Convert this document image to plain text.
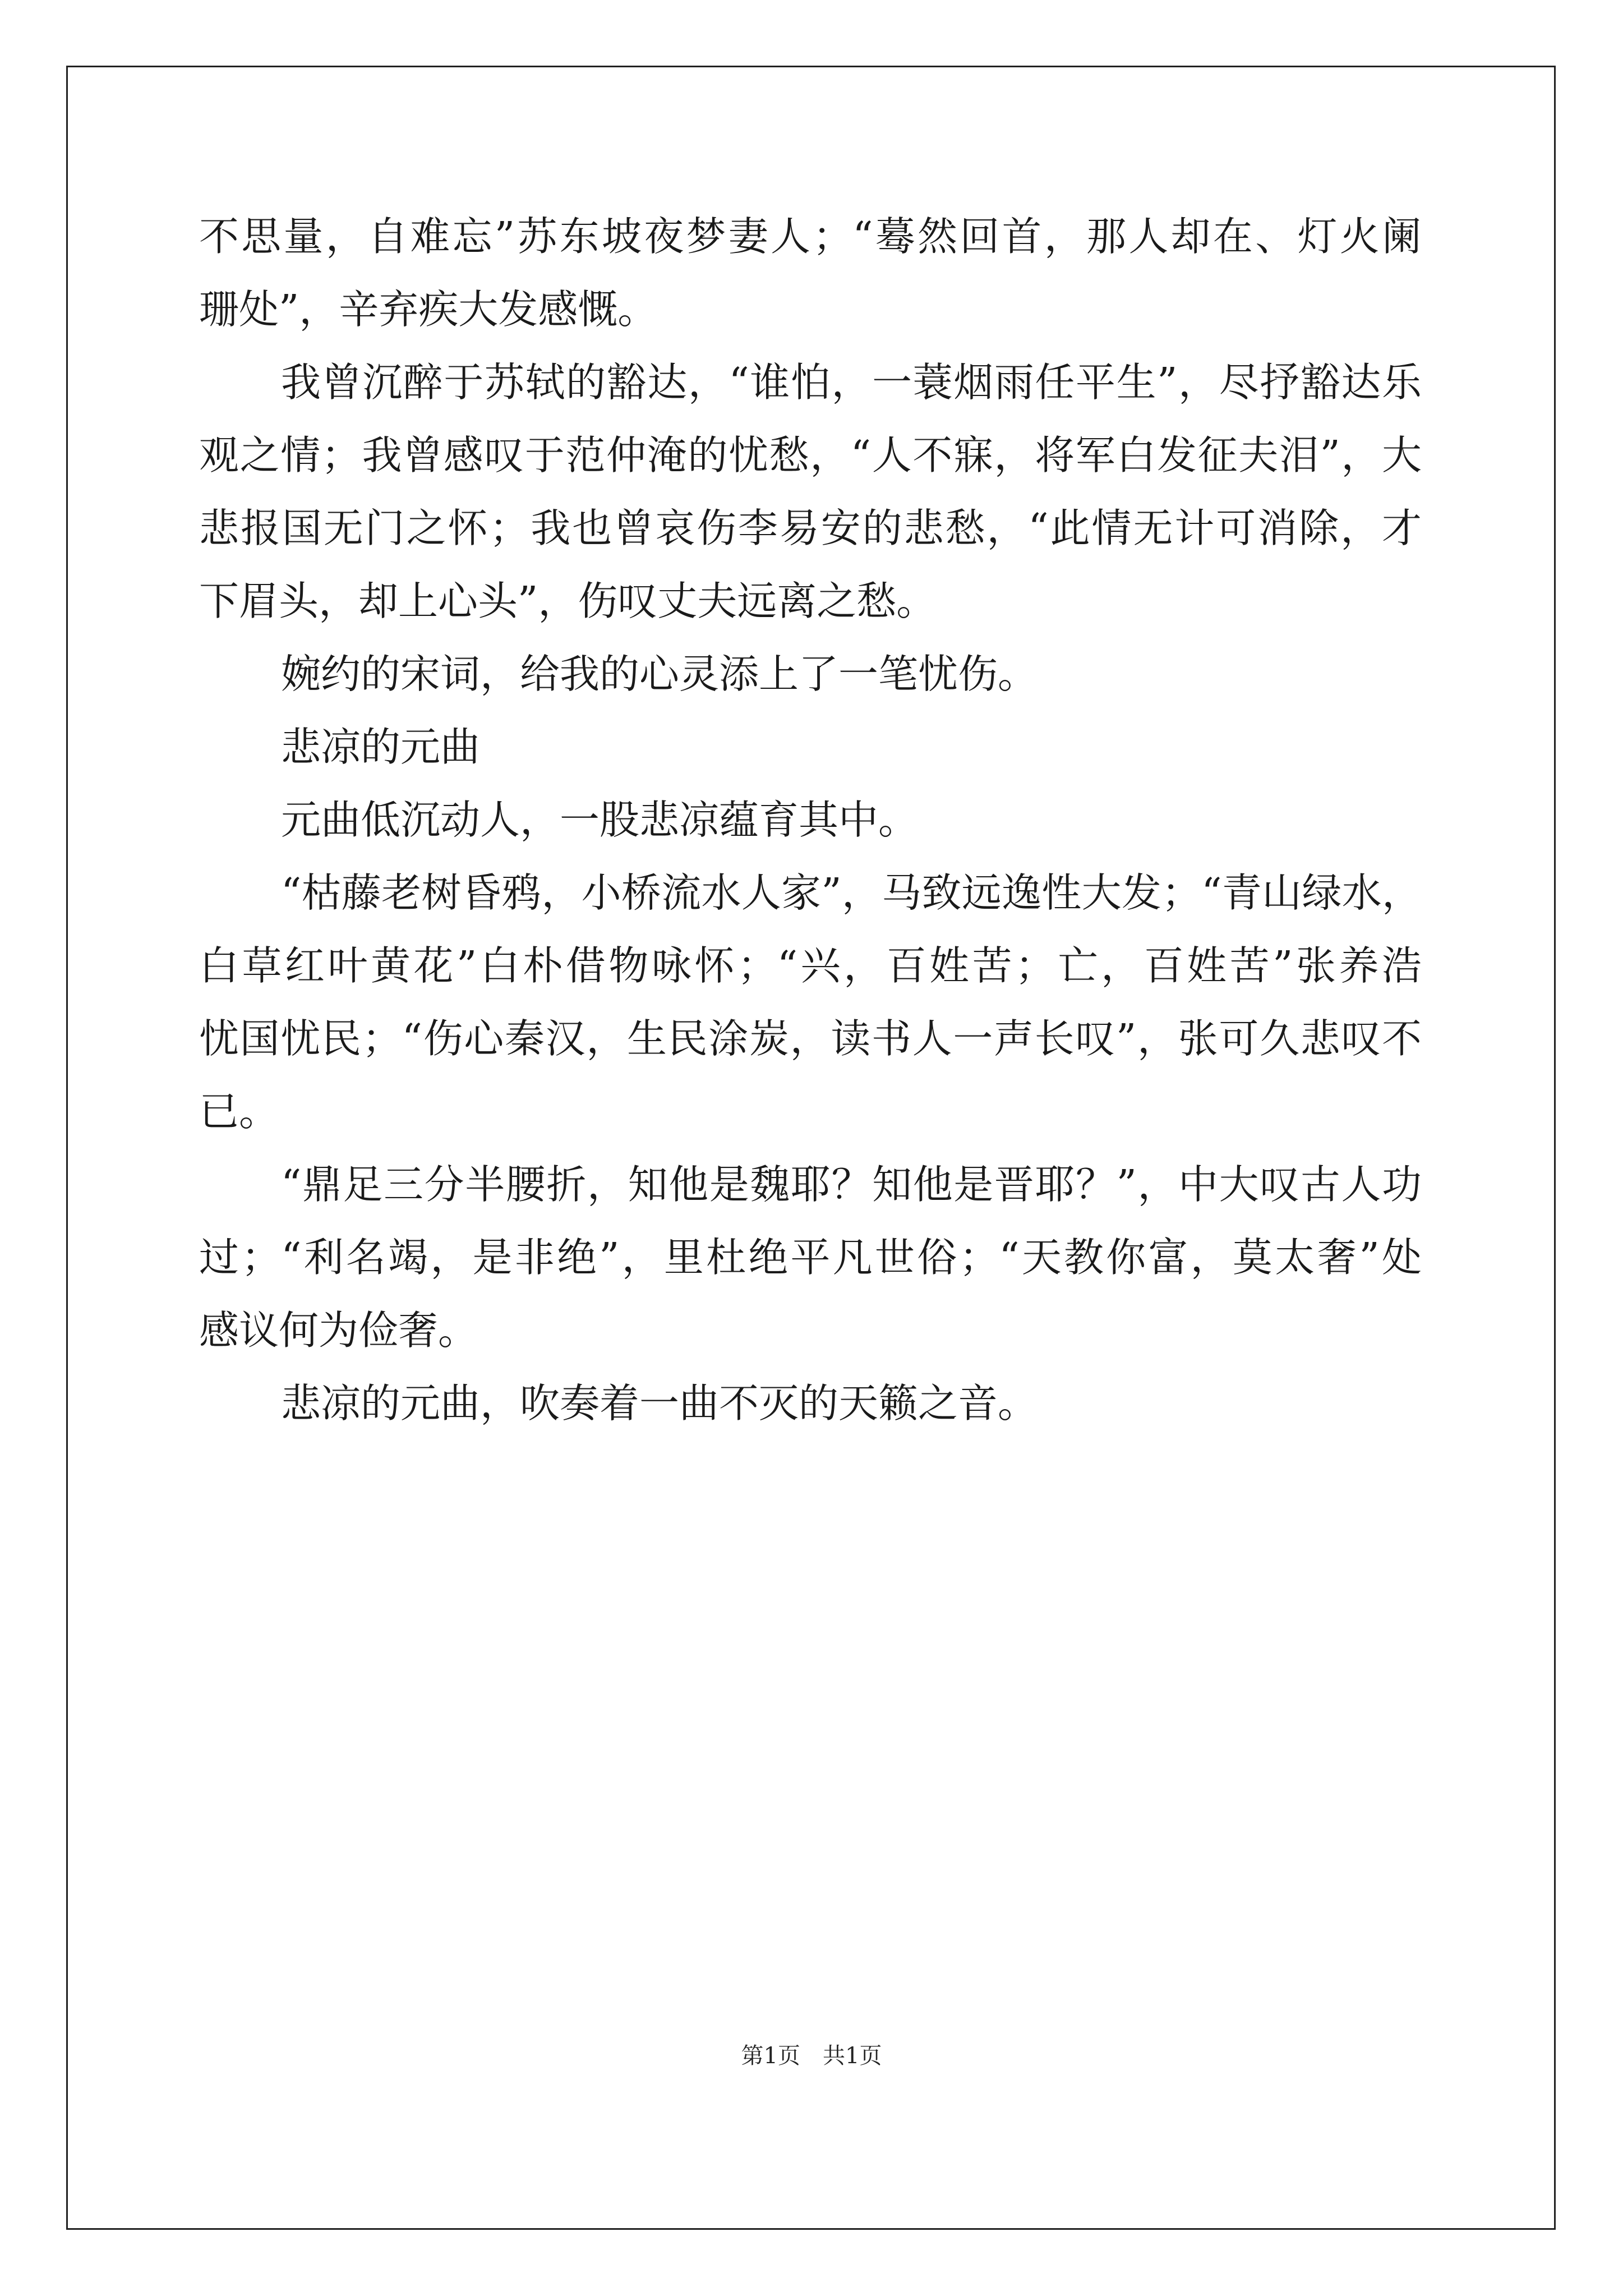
不思量，自难忘”苏东坡夜梦妻人；“蓦然回首，那人却在、灯火阑
珊处”，辛弃疾大发感慨。
我曾沉醉于苏轼的豁达，“谁怕，一蓑烟雨任平生”，尽抒豁达乐
观之情；我曾感叹于范仲淹的忧愁，“人不寐，将军白发征夫泪”，大
悲报国无门之怀；我也曾哀伤李易安的悲愁，“此情无计可消除，才
下眉头，却上心头”，伤叹丈夫远离之愁。
婉约的宋词，给我的心灵添上了一笔忧伤。
悲凉的元曲
元曲低沉动人，一股悲凉蕴育其中。
“枯藤老树昏鸦，小桥流水人家”，马致远逸性大发；“青山绿水，
白草红叶黄花”白朴借物咏怀；“兴，百姓苦；亡，百姓苦”张养浩
忧国忧民；“伤心秦汉，生民涂炭，读书人一声长叹”，张可久悲叹不
已。
“鼎足三分半腰折，知他是魏耶？知他是晋耶？”，中大叹古人功
过；“利名竭，是非绝”，里杜绝平凡世俗；“天教你富，莫太奢”处
感议何为俭奢。
悲凉的元曲，吹奏着一曲不灭的天籁之音。
第1页　共1页
